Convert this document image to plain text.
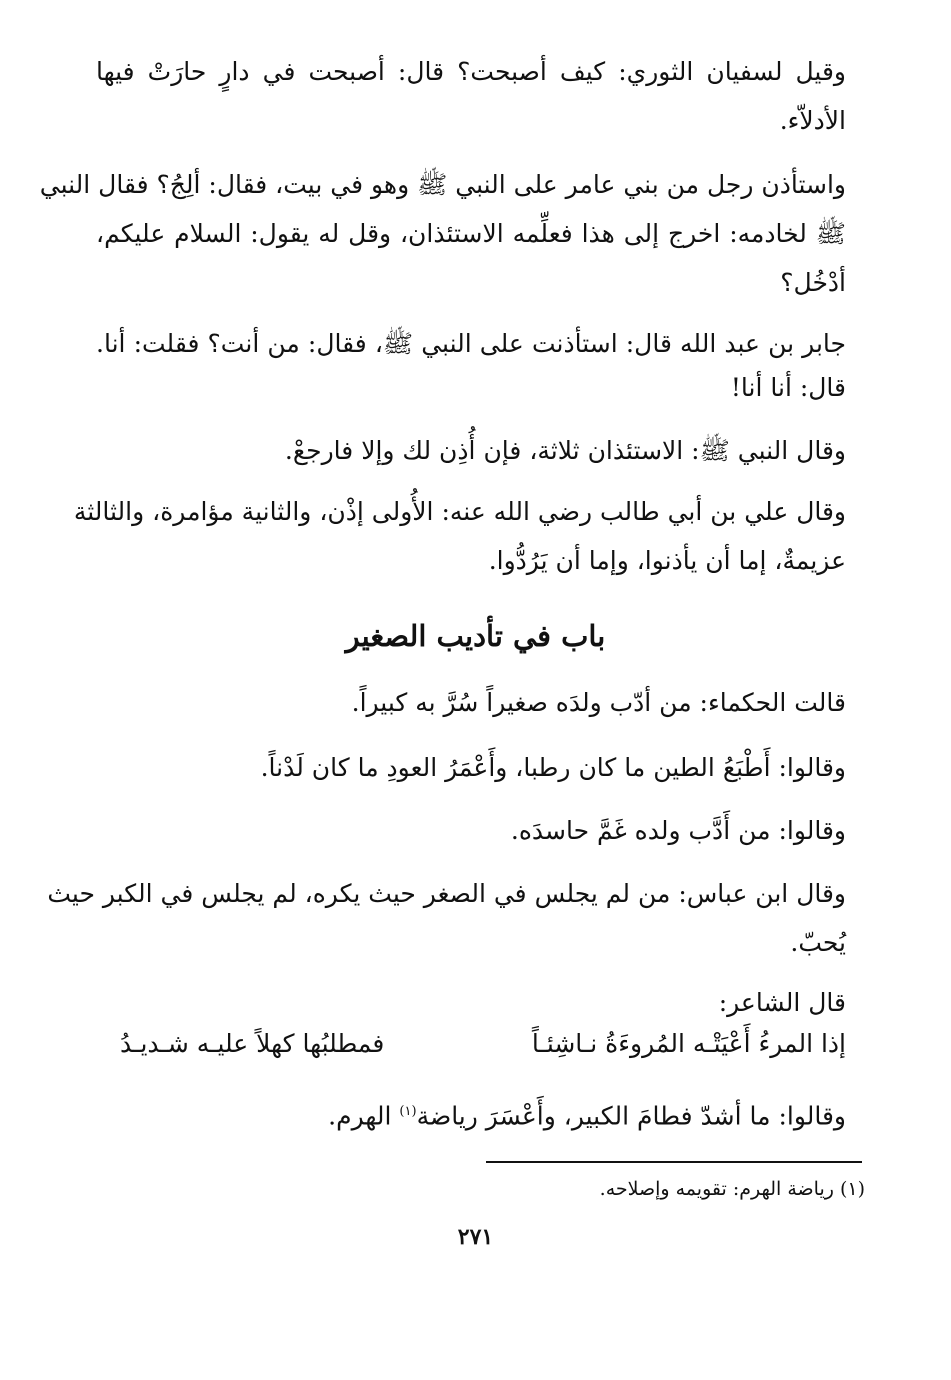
وقيل لسفيان الثوري: كيف أصبحت؟ قال: أصبحت في دارٍ حارَتْ فيها
الأدلاّء.
واستأذن رجل من بني عامر على النبي ﷺ وهو في بيت، فقال: ألِجُ؟ فقال النبي
ﷺ لخادمه: اخرج إلى هذا فعلِّمه الاستئذان، وقل له يقول: السلام عليكم،
أدْخُل؟
جابر بن عبد الله قال: استأذنت على النبي ﷺ، فقال: من أنت؟ فقلت: أنا.
قال: أنا أنا!
وقال النبي ﷺ: الاستئذان ثلاثة، فإن أُذِن لك وإلا فارجعْ.
وقال علي بن أبي طالب رضي الله عنه: الأُولى إذْن، والثانية مؤامرة، والثالثة
عزيمةٌ، إما أن يأذنوا، وإما أن يَرُدُّوا.
باب في تأديب الصغير
قالت الحكماء: من أدّب ولدَه صغيراً سُرَّ به كبيراً.
وقالوا: أَطْبَعُ الطين ما كان رطبا، وأَعْمَرُ العودِ ما كان لَدْناً.
وقالوا: من أَدَّب ولده غَمَّ حاسدَه.
وقال ابن عباس: من لم يجلس في الصغر حيث يكره، لم يجلس في الكبر حيث
يُحبّ.
قال الشاعر:
إذا المرءُ أَعْيَتْـه المُروءَةُ نـاشِئـاً
فمطلبُها كهلاً عليـه شـديـدُ
وقالوا: ما أشدّ فطامَ الكبير، وأَعْسَرَ رياضة$^{(١)}$ الهرم.
(١) رياضة الهرم: تقويمه وإصلاحه.
٢٧١
